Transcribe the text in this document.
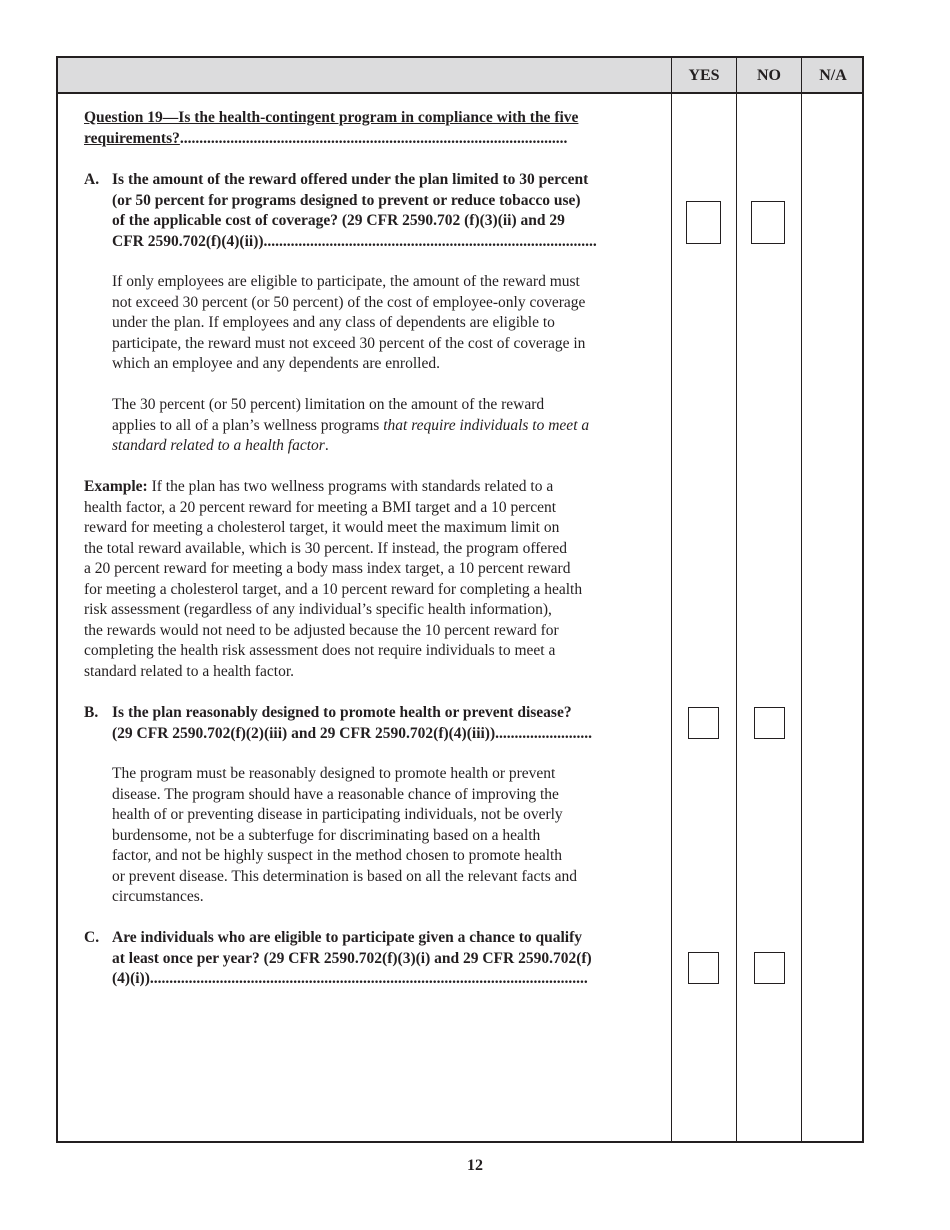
YES	NO	N/A
Question 19—Is the health-contingent program in compliance with the five
requirements?....................................................................................................
A. Is the amount of the reward offered under the plan limited to 30 percent
(or 50 percent for programs designed to prevent or reduce tobacco use)
of the applicable cost of coverage? (29 CFR 2590.702 (f)(3)(ii) and 29
CFR 2590.702(f)(4)(ii))......................................................................................
If only employees are eligible to participate, the amount of the reward must
not exceed 30 percent (or 50 percent) of the cost of employee-only coverage
under the plan. If employees and any class of dependents are eligible to
participate, the reward must not exceed 30 percent of the cost of coverage in
which an employee and any dependents are enrolled.
The 30 percent (or 50 percent) limitation on the amount of the reward
applies to all of a plan’s wellness programs that require individuals to meet a
standard related to a health factor.
Example: If the plan has two wellness programs with standards related to a
health factor, a 20 percent reward for meeting a BMI target and a 10 percent
reward for meeting a cholesterol target, it would meet the maximum limit on
the total reward available, which is 30 percent. If instead, the program offered
a 20 percent reward for meeting a body mass index target, a 10 percent reward
for meeting a cholesterol target, and a 10 percent reward for completing a health
risk assessment (regardless of any individual’s specific health information),
the rewards would not need to be adjusted because the 10 percent reward for
completing the health risk assessment does not require individuals to meet a
standard related to a health factor.
B. Is the plan reasonably designed to promote health or prevent disease?
(29 CFR 2590.702(f)(2)(iii) and 29 CFR 2590.702(f)(4)(iii)).........................
The program must be reasonably designed to promote health or prevent
disease. The program should have a reasonable chance of improving the
health of or preventing disease in participating individuals, not be overly
burdensome, not be a subterfuge for discriminating based on a health
factor, and not be highly suspect in the method chosen to promote health
or prevent disease. This determination is based on all the relevant facts and
circumstances.
C. Are individuals who are eligible to participate given a chance to qualify
at least once per year? (29 CFR 2590.702(f)(3)(i) and 29 CFR 2590.702(f)
(4)(i)).................................................................................................................
12
